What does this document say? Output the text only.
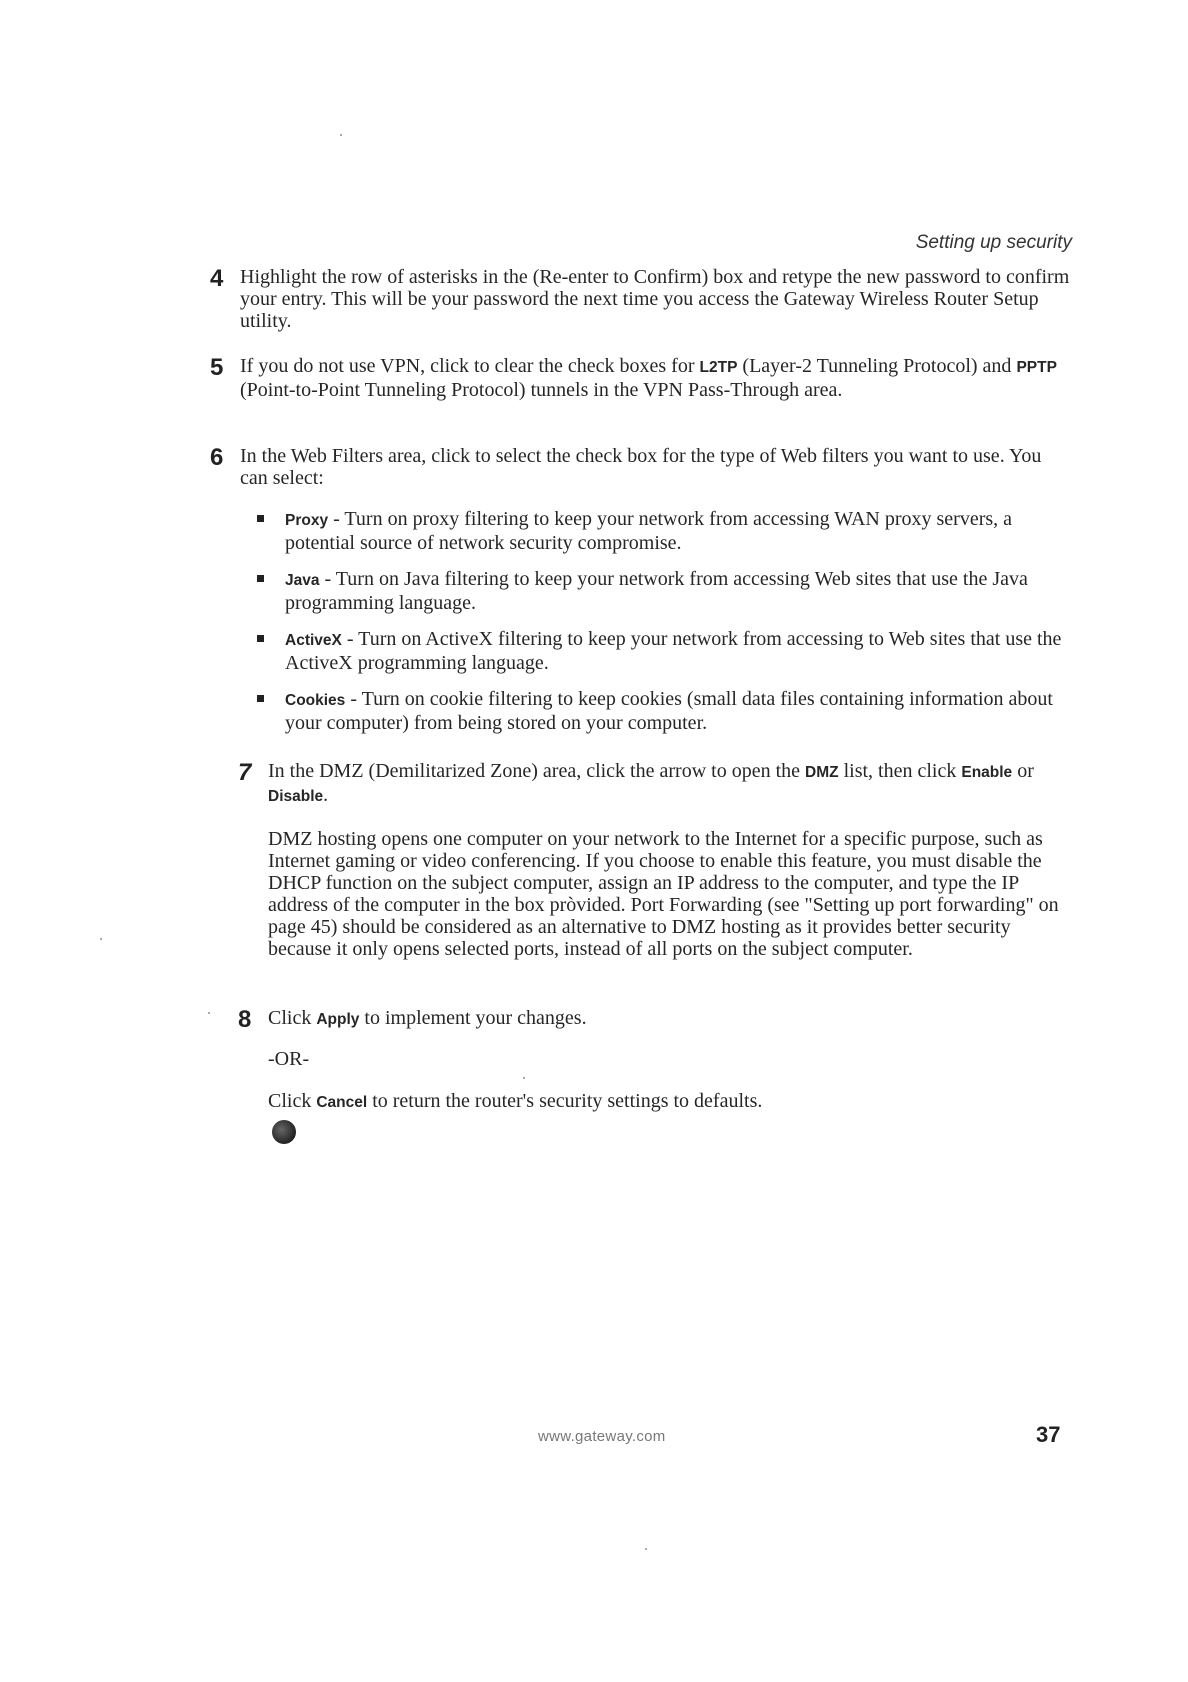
Setting up security
4 Highlight the row of asterisks in the (Re-enter to Confirm) box and retype the new password to confirm your entry. This will be your password the next time you access the Gateway Wireless Router Setup utility.

5 If you do not use VPN, click to clear the check boxes for L2TP (Layer-2 Tunneling Protocol) and PPTP (Point-to-Point Tunneling Protocol) tunnels in the VPN Pass-Through area.

6 In the Web Filters area, click to select the check box for the type of Web filters you want to use. You can select:

Proxy - Turn on proxy filtering to keep your network from accessing WAN proxy servers, a potential source of network security compromise.

Java - Turn on Java filtering to keep your network from accessing Web sites that use the Java programming language.

ActiveX - Turn on ActiveX filtering to keep your network from accessing to Web sites that use the ActiveX programming language.

Cookies - Turn on cookie filtering to keep cookies (small data files containing information about your computer) from being stored on your computer.

7 In the DMZ (Demilitarized Zone) area, click the arrow to open the DMZ list, then click Enable or Disable.

DMZ hosting opens one computer on your network to the Internet for a specific purpose, such as Internet gaming or video conferencing. If you choose to enable this feature, you must disable the DHCP function on the subject computer, assign an IP address to the computer, and type the IP address of the computer in the box pròvided. Port Forwarding (see "Setting up port forwarding" on page 45) should be considered as an alternative to DMZ hosting as it provides better security because it only opens selected ports, instead of all ports on the subject computer.

8 Click Apply to implement your changes.

-OR-

Click Cancel to return the router's security settings to defaults.

www.gateway.com	37
